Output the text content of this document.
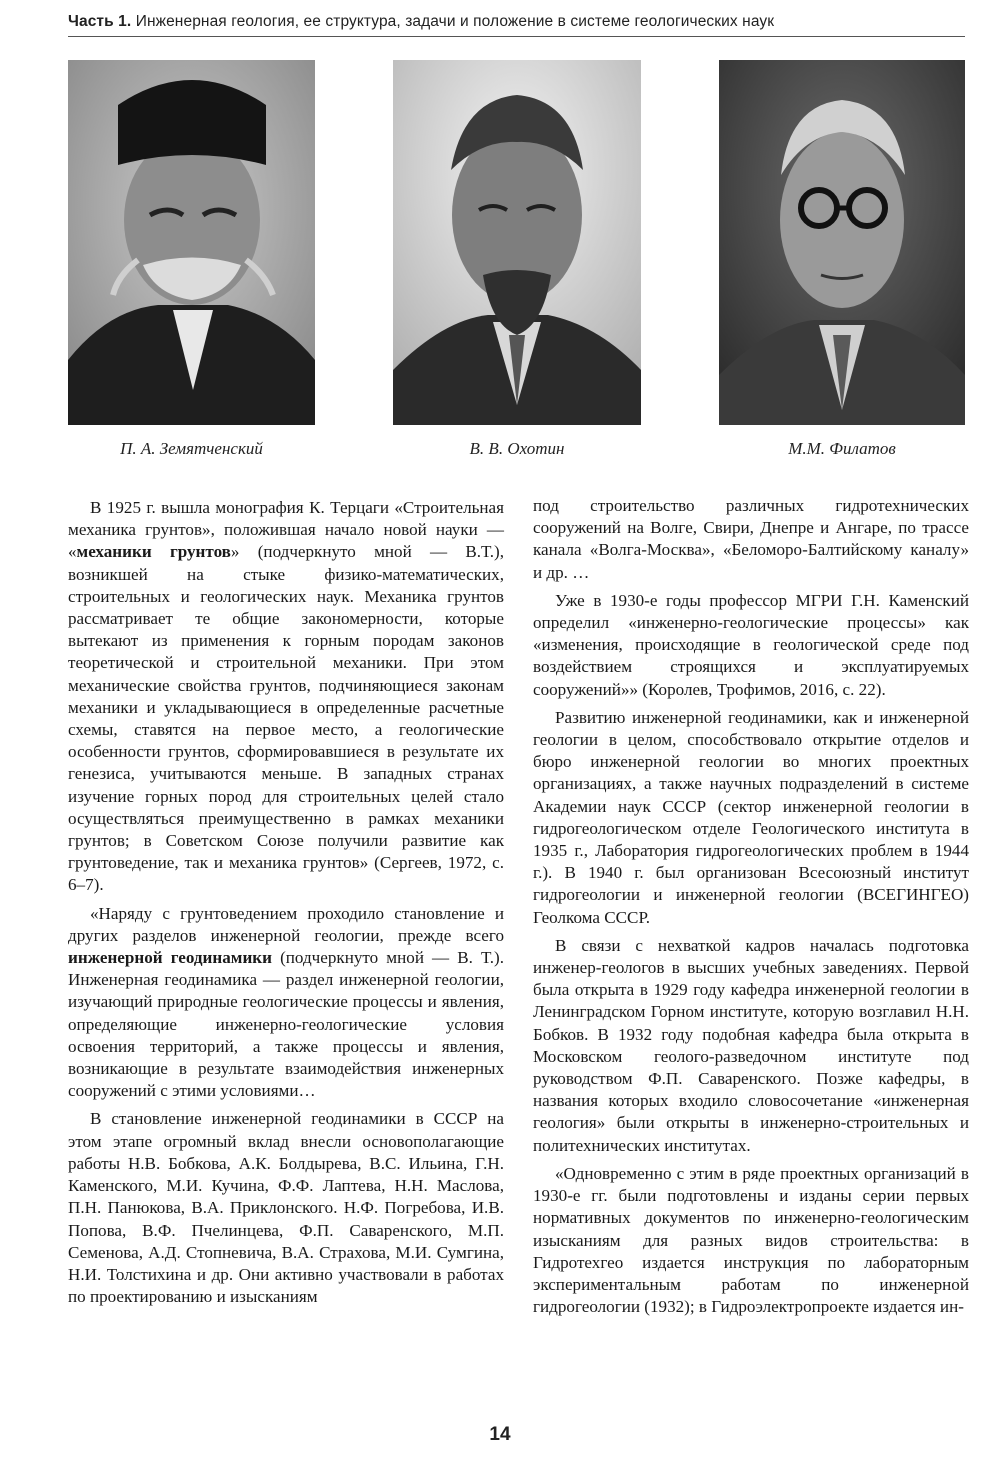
Часть 1. Инженерная геология, ее структура, задачи и положение в системе геологических наук
П. А. Земятченский	В. В. Охотин	М.М. Филатов

В 1925 г. вышла монография К. Терцаги «Строительная механика грунтов», положившая начало новой науки — «механики грунтов» (подчеркнуто мной — В.Т.), возникшей на стыке физико-математических, строительных и геологических наук. Механика грунтов рассматривает те общие закономерности, которые вытекают из применения к горным породам законов теоретической и строительной механики. При этом механические свойства грунтов, подчиняющиеся законам механики и укладывающиеся в определенные расчетные схемы, ставятся на первое место, а геологические особенности грунтов, сформировавшиеся в результате их генезиса, учитываются меньше. В западных странах изучение горных пород для строительных целей стало осуществляться преимущественно в рамках механики грунтов; в Советском Союзе получили развитие как грунтоведение, так и механика грунтов» (Сергеев, 1972, с. 6–7).

«Наряду с грунтоведением проходило становление и других разделов инженерной геологии, прежде всего инженерной геодинамики (подчеркнуто мной — В. Т.). Инженерная геодинамика — раздел инженерной геологии, изучающий природные геологические процессы и явления, определяющие инженерно-геологические условия освоения территорий, а также процессы и явления, возникающие в результате взаимодействия инженерных сооружений с этими условиями…

В становление инженерной геодинамики в СССР на этом этапе огромный вклад внесли основополагающие работы Н.В. Бобкова, А.К. Болдырева, В.С. Ильина, Г.Н. Каменского, М.И. Кучина, Ф.Ф. Лаптева, Н.Н. Маслова, П.Н. Панюкова, В.А. Приклонского. Н.Ф. Погребова, И.В. Попова, В.Ф. Пчелинцева, Ф.П. Саваренского, М.П. Семенова, А.Д. Стопневича, В.А. Страхова, М.И. Сумгина, Н.И. Толстихина и др. Они активно участвовали в работах по проектированию и изысканиям

под строительство различных гидротехнических сооружений на Волге, Свири, Днепре и Ангаре, по трассе канала «Волга-Москва», «Беломоро-Балтийскому каналу» и др. …

Уже в 1930-е годы профессор МГРИ Г.Н. Каменский определил «инженерно-геологические процессы» как «изменения, происходящие в геологической среде под воздействием строящихся и эксплуатируемых сооружений»» (Королев, Трофимов, 2016, с. 22).

Развитию инженерной геодинамики, как и инженерной геологии в целом, способствовало открытие отделов и бюро инженерной геологии во многих проектных организациях, а также научных подразделений в системе Академии наук СССР (сектор инженерной геологии в гидрогеологическом отделе Геологического института в 1935 г., Лаборатория гидрогеологических проблем в 1944 г.). В 1940 г. был организован Всесоюзный институт гидрогеологии и инженерной геологии (ВСЕГИНГЕО) Геолкома СССР.

В связи с нехваткой кадров началась подготовка инженер-геологов в высших учебных заведениях. Первой была открыта в 1929 году кафедра инженерной геологии в Ленинградском Горном институте, которую возглавил Н.Н. Бобков. В 1932 году подобная кафедра была открыта в Московском геолого-разведочном институте под руководством Ф.П. Саваренского. Позже кафедры, в названия которых входило словосочетание «инженерная геология» были открыты в инженерно-строительных и политехнических институтах.

«Одновременно с этим в ряде проектных организаций в 1930-е гг. были подготовлены и изданы серии первых нормативных документов по инженерно-геологическим изысканиям для разных видов строительства: в Гидротехгео издается инструкция по лабораторным экспериментальным работам по инженерной гидрогеологии (1932); в Гидроэлектропроекте издается ин-

14
